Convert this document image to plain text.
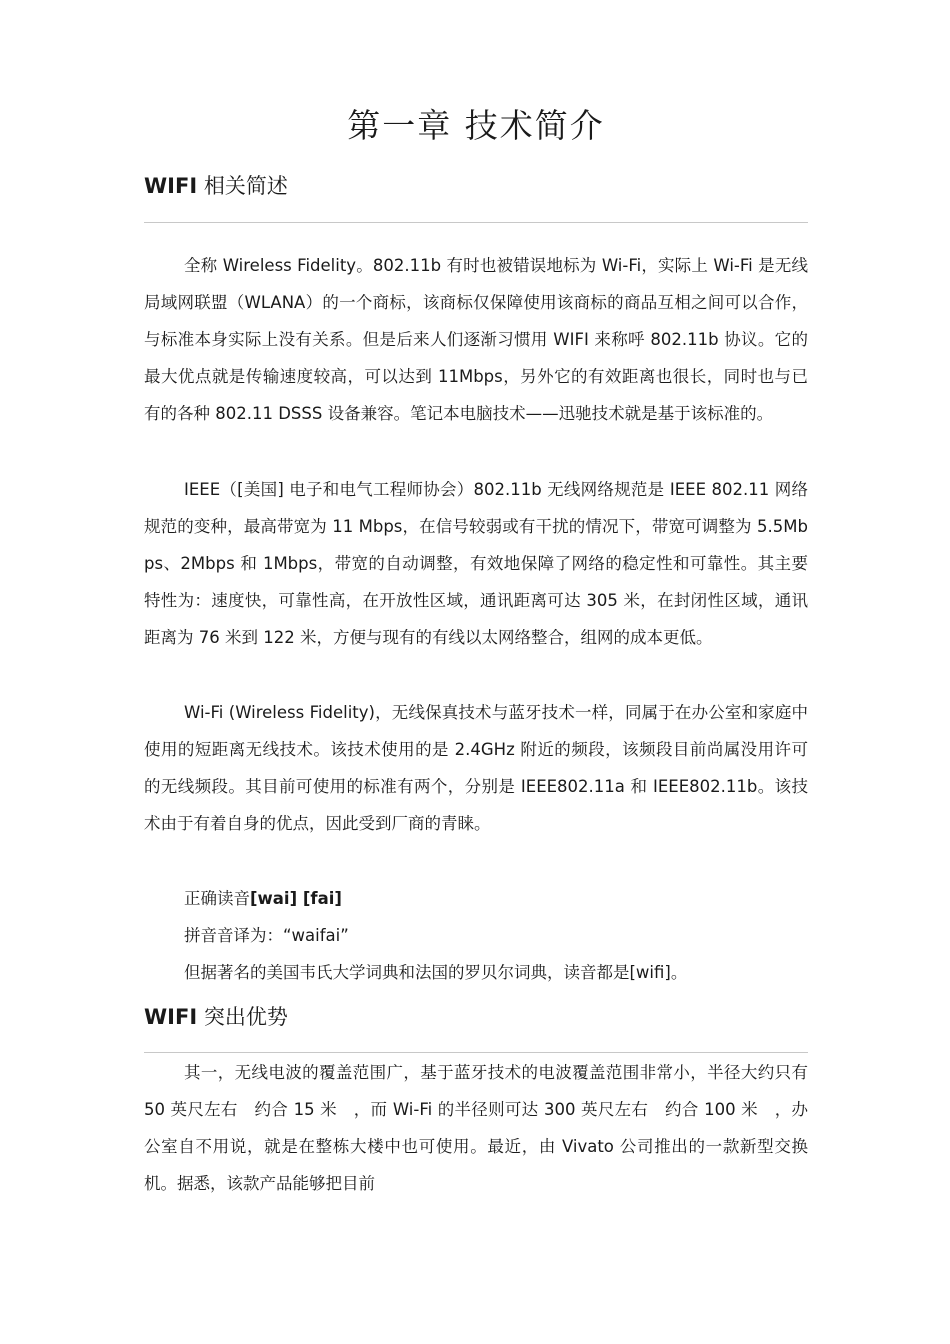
第一章 技术简介
WIFI 相关简述

全称 Wireless Fidelity。802.11b 有时也被错误地标为 Wi-Fi，实际上 Wi-Fi 是无线局域网联盟（WLANA）的一个商标，该商标仅保障使用该商标的商品互相之间可以合作，与标准本身实际上没有关系。但是后来人们逐渐习惯用 WIFI 来称呼 802.11b 协议。它的最大优点就是传输速度较高，可以达到 11Mbps，另外它的有效距离也很长，同时也与已有的各种 802.11 DSSS 设备兼容。笔记本电脑技术——迅驰技术就是基于该标准的。

IEEE（[美国] 电子和电气工程师协会）802.11b 无线网络规范是 IEEE 802.11 网络规范的变种，最高带宽为 11 Mbps，在信号较弱或有干扰的情况下，带宽可调整为 5.5Mbps、2Mbps 和 1Mbps，带宽的自动调整，有效地保障了网络的稳定性和可靠性。其主要特性为：速度快，可靠性高，在开放性区域，通讯距离可达 305 米，在封闭性区域，通讯距离为 76 米到 122 米，方便与现有的有线以太网络整合，组网的成本更低。

Wi-Fi (Wireless Fidelity)，无线保真技术与蓝牙技术一样，同属于在办公室和家庭中使用的短距离无线技术。该技术使用的是 2.4GHz 附近的频段，该频段目前尚属没用许可的无线频段。其目前可使用的标准有两个，分别是 IEEE802.11a 和 IEEE802.11b。该技术由于有着自身的优点，因此受到厂商的青睐。

正确读音[wai] [fai]

拼音音译为：“waifai”

但据著名的美国韦氏大学词典和法国的罗贝尔词典，读音都是[wifi]。

WIFI 突出优势

其一，无线电波的覆盖范围广，基于蓝牙技术的电波覆盖范围非常小，半径大约只有 50 英尺左右　约合 15 米　，而 Wi-Fi 的半径则可达 300 英尺左右　约合 100 米　，办公室自不用说，就是在整栋大楼中也可使用。最近，由 Vivato 公司推出的一款新型交换机。据悉，该款产品能够把目前
